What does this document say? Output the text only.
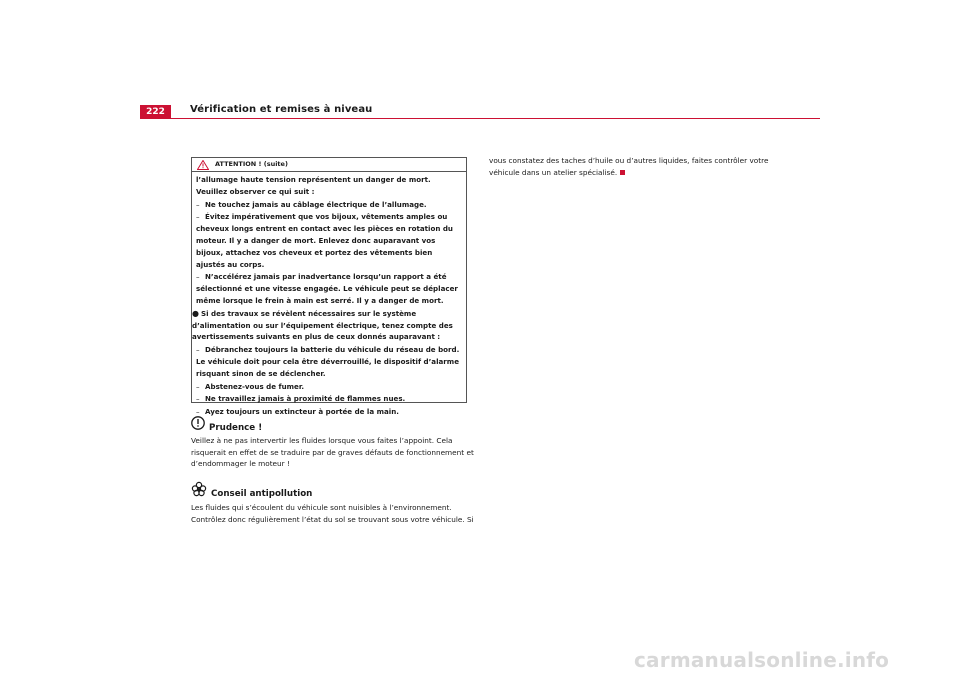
222	Vérification et remises à niveau
ATTENTION ! (suite)

l’allumage haute tension représentent un danger de mort. Veuillez observer ce qui suit :

– Ne touchez jamais au câblage électrique de l’allumage.

– Évitez impérativement que vos bijoux, vêtements amples ou cheveux longs entrent en contact avec les pièces en rotation du moteur. Il y a danger de mort. Enlevez donc auparavant vos bijoux, attachez vos cheveux et portez des vêtements bien ajustés au corps.

– N’accélérez jamais par inadvertance lorsqu’un rapport a été sélectionné et une vitesse engagée. Le véhicule peut se déplacer même lorsque le frein à main est serré. Il y a danger de mort.

● Si des travaux se révèlent nécessaires sur le système d’alimentation ou sur l’équipement électrique, tenez compte des avertissements suivants en plus de ceux donnés auparavant :

– Débranchez toujours la batterie du véhicule du réseau de bord. Le véhicule doit pour cela être déverrouillé, le dispositif d’alarme risquant sinon de se déclencher.

– Abstenez-vous de fumer.

– Ne travaillez jamais à proximité de flammes nues.

– Ayez toujours un extincteur à portée de la main.

Prudence !

Veillez à ne pas intervertir les fluides lorsque vous faites l’appoint. Cela risquerait en effet de se traduire par de graves défauts de fonctionnement et d’endommager le moteur !

Conseil antipollution

Les fluides qui s’écoulent du véhicule sont nuisibles à l’environnement. Contrôlez donc régulièrement l’état du sol se trouvant sous votre véhicule. Si

vous constatez des taches d’huile ou d’autres liquides, faites contrôler votre véhicule dans un atelier spécialisé.
carmanualsonline.info
